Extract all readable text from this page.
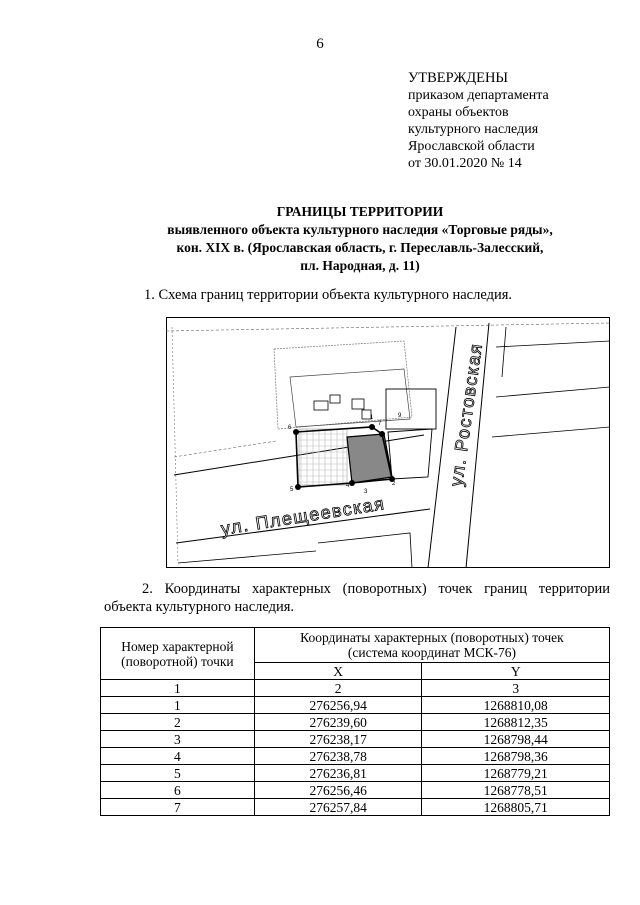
6
УТВЕРЖДЕНЫ
приказом департамента
охраны объектов
культурного наследия
Ярославской области
от 30.01.2020 № 14
ГРАНИЦЫ ТЕРРИТОРИИ
выявленного объекта культурного наследия «Торговые ряды»,
кон. XIX в. (Ярославская область, г. Переславль-Залесский,
пл. Народная, д. 11)
1. Схема границ территории объекта культурного наследия.
1
2
3
4
5
6
7
9
ул. Плещеевская
ул. Ростовская
2. Координаты характерных (поворотных) точек границ территории
объекта культурного наследия.
Номер характерной (поворотной) точки	Координаты характерных (поворотных) точек (система координат МСК-76)	
	X	Y
1	2	3
1	276256,94	1268810,08
2	276239,60	1268812,35
3	276238,17	1268798,44
4	276238,78	1268798,36
5	276236,81	1268779,21
6	276256,46	1268778,51
7	276257,84	1268805,71
